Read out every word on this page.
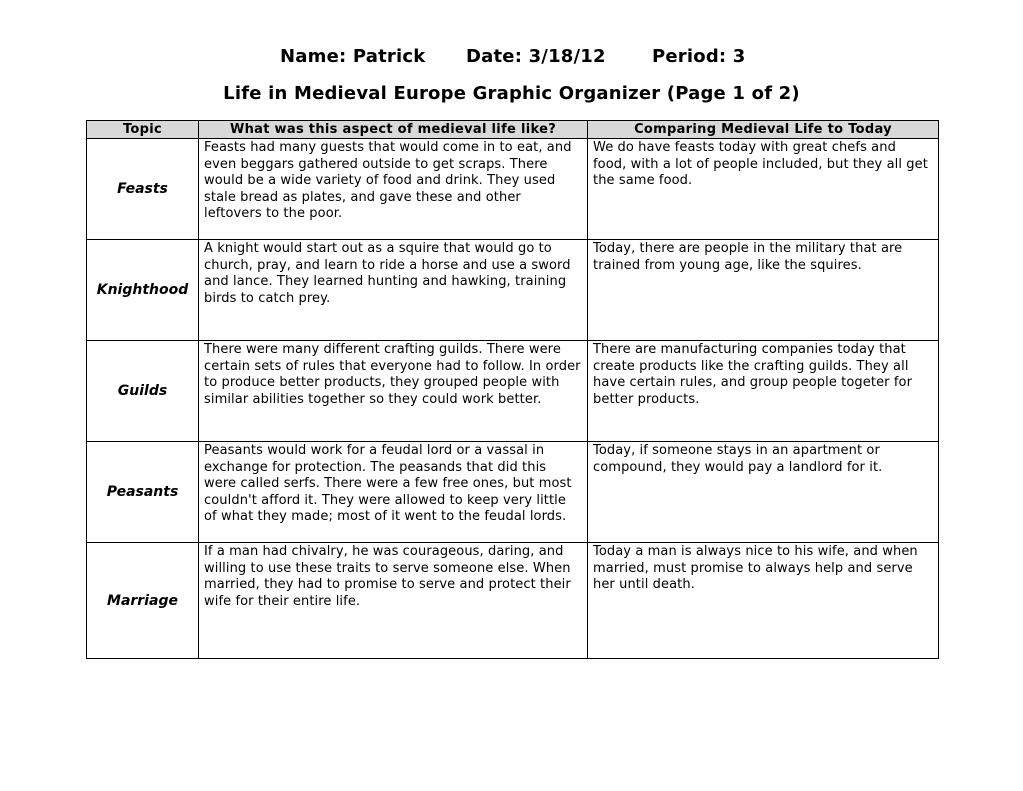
Name: Patrick Date: 3/18/12	Period: 3
Life in Medieval Europe Graphic Organizer (Page 1 of 2)
Topic	What was this aspect of medieval life like?	Comparing Medieval Life to Today
Feasts	Feasts had many guests that would come in to eat, and even beggars gathered outside to get scraps. There would be a wide variety of food and drink. They used stale bread as plates, and gave these and other leftovers to the poor.	We do have feasts today with great chefs and food, with a lot of people included, but they all get the same food.
Knighthood	A knight would start out as a squire that would go to church, pray, and learn to ride a horse and use a sword and lance. They learned hunting and hawking, training birds to catch prey.	Today, there are people in the military that are trained from young age, like the squires.
Guilds	There were many different crafting guilds. There were certain sets of rules that everyone had to follow. In order to produce better products, they grouped people with similar abilities together so they could work better.	There are manufacturing companies today that create products like the crafting guilds. They all have certain rules, and group people togeter for better products.
Peasants	Peasants would work for a feudal lord or a vassal in exchange for protection. The peasands that did this were called serfs. There were a few free ones, but most couldn't afford it. They were allowed to keep very little of what they made; most of it went to the feudal lords.	Today, if someone stays in an apartment or compound, they would pay a landlord for it.
Marriage	If a man had chivalry, he was courageous, daring, and willing to use these traits to serve someone else. When married, they had to promise to serve and protect their wife for their entire life.	Today a man is always nice to his wife, and when married, must promise to always help and serve her until death.
